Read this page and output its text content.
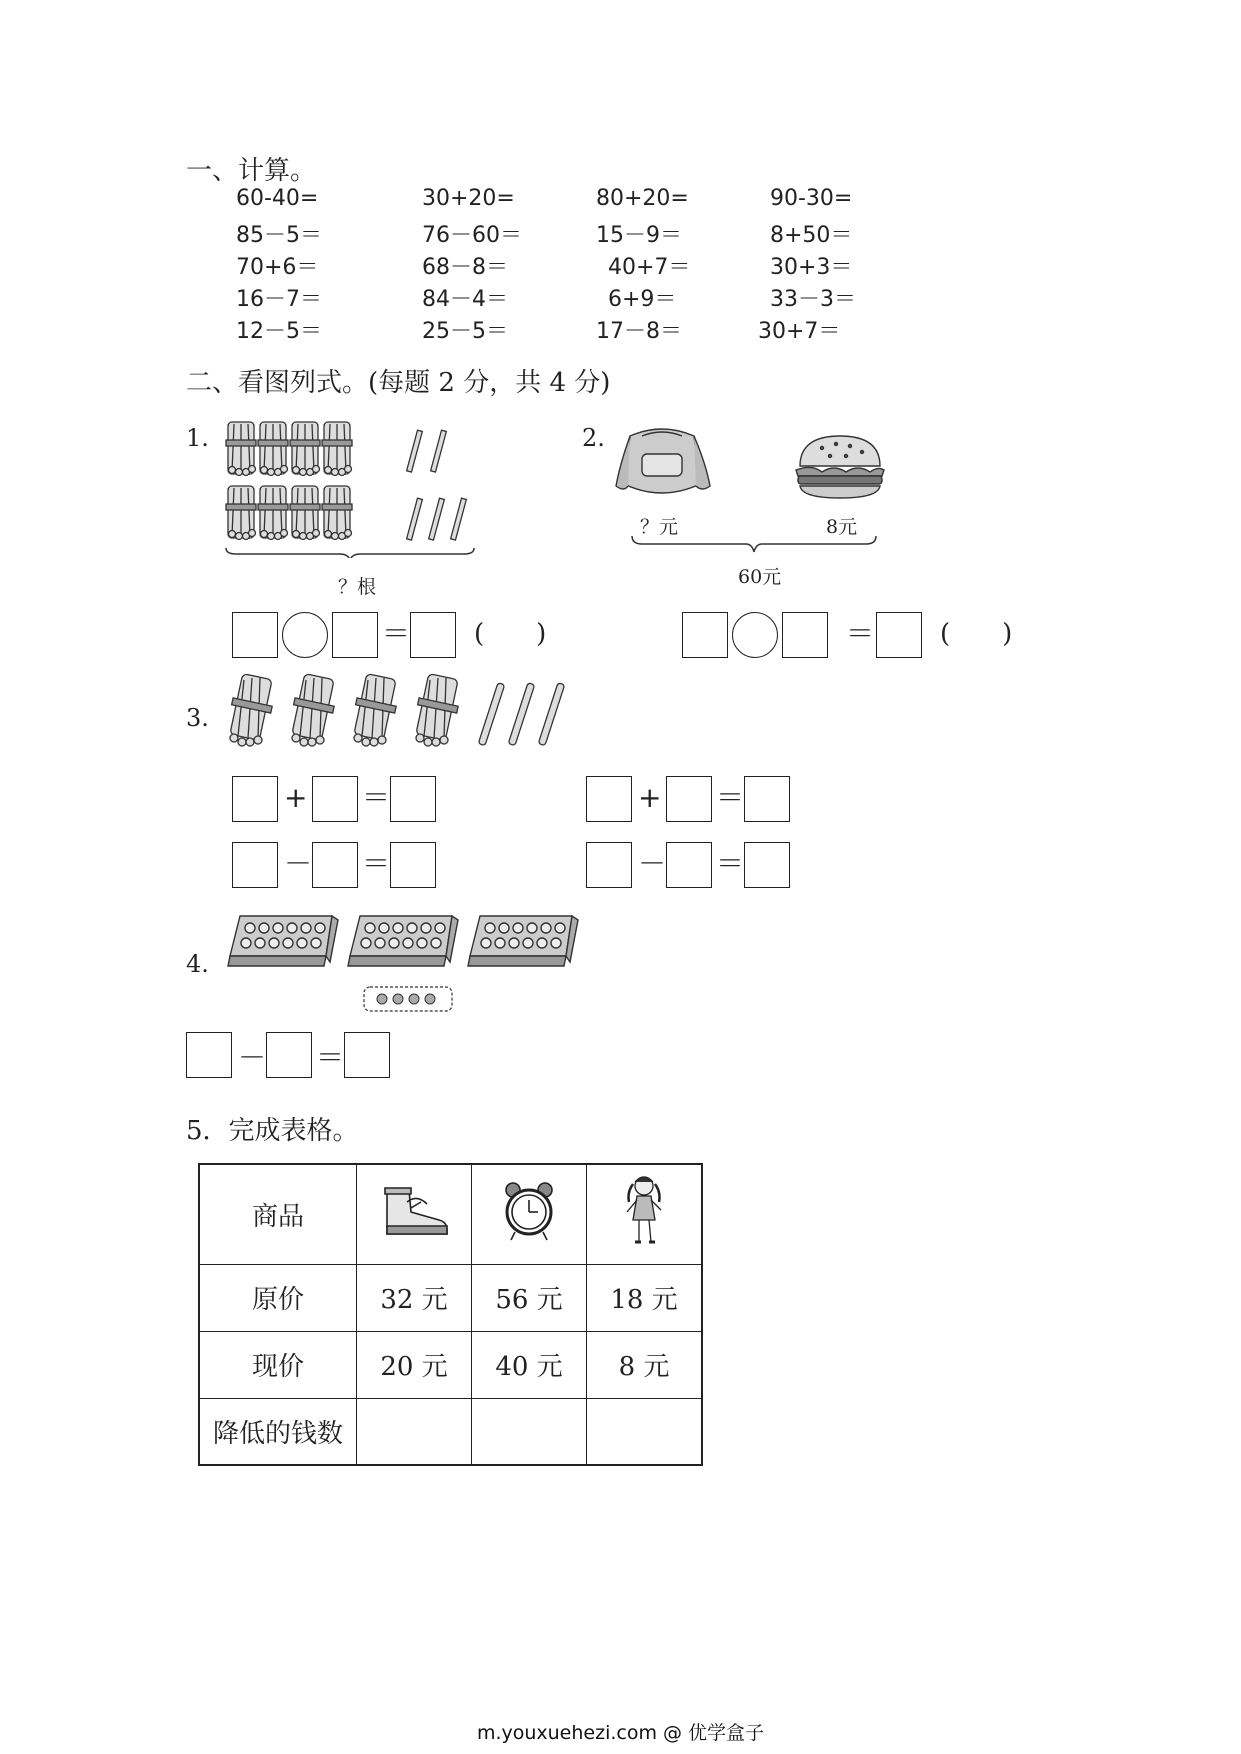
一、计算。
60-40=	30+20=	80+20=	90-30=
85－5＝	76－60＝	15－9＝	8+50＝
70+6＝	68－8＝	40+7＝	30+3＝
16－7＝	84－4＝	6+9＝	33－3＝
12－5＝	25－5＝	17－8＝	30+7＝
二、看图列式。(每题 2 分，共 4 分)
1.
？根
＝ (　　)
2.
？元	8元
60元
＝	(　　)
3.
+ ＝	+ ＝
－ ＝	－ ＝
4.
－ ＝
5．完成表格。
商品			
原价	32 元	56 元	18 元
现价	20 元	40 元	8 元
降低的钱数			
m.youxuehezi.com @ 优学盒子
